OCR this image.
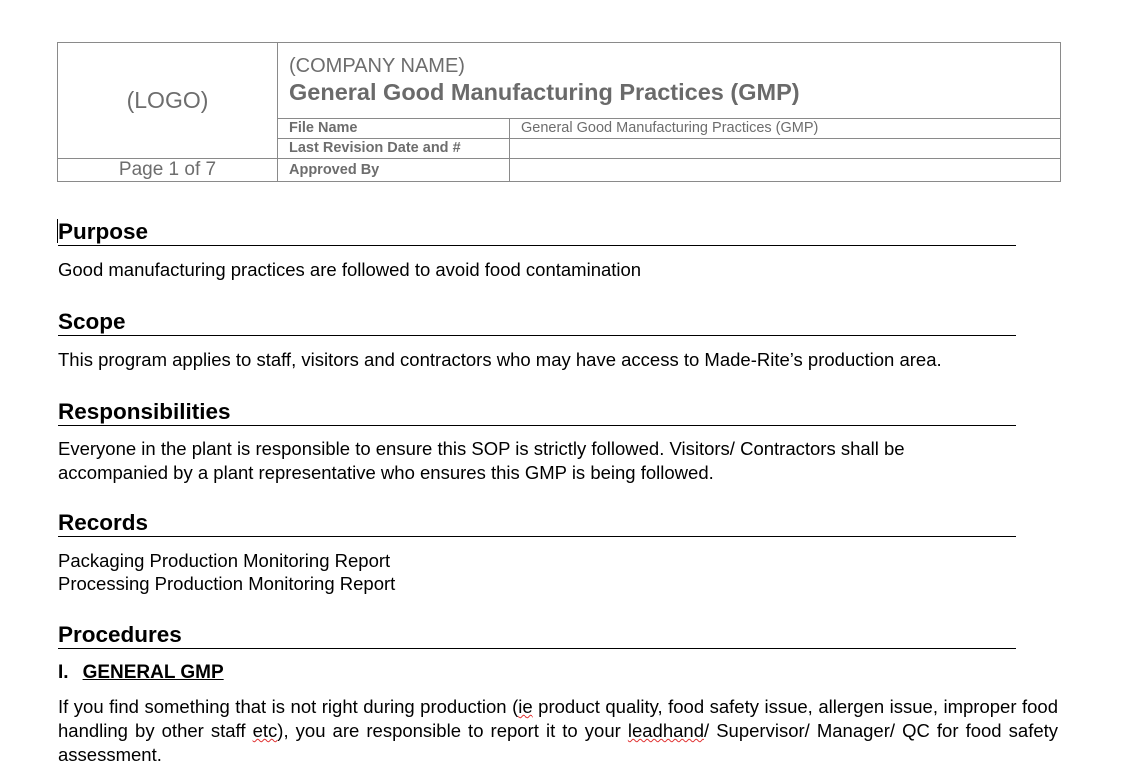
(LOGO)	(COMPANY NAME)
General Good Manufacturing Practices (GMP)	

	File Name	General Good Manufacturing Practices (GMP)
	Last Revision Date and #	
Page 1 of 7	Approved By	
Purpose

Good manufacturing practices are followed to avoid food contamination

Scope

This program applies to staff, visitors and contractors who may have access to Made-Rite’s production area.

Responsibilities

Everyone in the plant is responsible to ensure this SOP is strictly followed. Visitors/ Contractors shall be accompanied by a plant representative who ensures this GMP is being followed.

Records

Packaging Production Monitoring Report

Processing Production Monitoring Report

Procedures
I. GENERAL GMP

If you find something that is not right during production (ie product quality, food safety issue, allergen issue, improper food handling by other staff etc), you are responsible to report it to your leadhand/ Supervisor/ Manager/ QC for food safety assessment.
